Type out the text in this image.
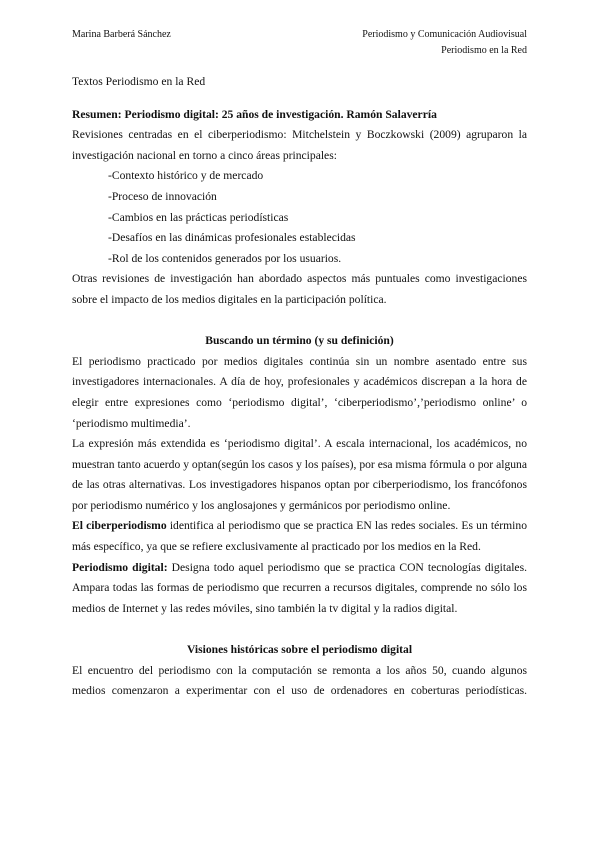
Marina Barberá Sánchez	Periodismo y Comunicación Audiovisual
Periodismo en la Red

Textos Periodismo en la Red

Resumen: Periodismo digital: 25 años de investigación. Ramón Salaverría

Revisiones centradas en el ciberperiodismo: Mitchelstein y Boczkowski (2009) agruparon la investigación nacional en torno a cinco áreas principales:

-Contexto histórico y de mercado
-Proceso de innovación
-Cambios en las prácticas periodísticas
-Desafíos en las dinámicas profesionales establecidas
-Rol de los contenidos generados por los usuarios.

Otras revisiones de investigación han abordado aspectos más puntuales como investigaciones sobre el impacto de los medios digitales en la participación política.

Buscando un término (y su definición)

El periodismo practicado por medios digitales continúa sin un nombre asentado entre sus investigadores internacionales. A día de hoy, profesionales y académicos discrepan a la hora de elegir entre expresiones como ‘periodismo digital’, ‘ciberperiodismo’,’periodismo online’ o ‘periodismo multimedia’.

La expresión más extendida es ‘periodismo digital’. A escala internacional, los académicos, no muestran tanto acuerdo y optan(según los casos y los países), por esa misma fórmula o por alguna de las otras alternativas. Los investigadores hispanos optan por ciberperiodismo, los francófonos por periodismo numérico y los anglosajones y germánicos por periodismo online.

El ciberperiodismo identifica al periodismo que se practica EN las redes sociales. Es un término más específico, ya que se refiere exclusivamente al practicado por los medios en la Red.

Periodismo digital: Designa todo aquel periodismo que se practica CON tecnologías digitales. Ampara todas las formas de periodismo que recurren a recursos digitales, comprende no sólo los medios de Internet y las redes móviles, sino también la tv digital y la radios digital.

Visiones históricas sobre el periodismo digital

El encuentro del periodismo con la computación se remonta a los años 50, cuando algunos medios comenzaron a experimentar con el uso de ordenadores en coberturas periodísticas.
